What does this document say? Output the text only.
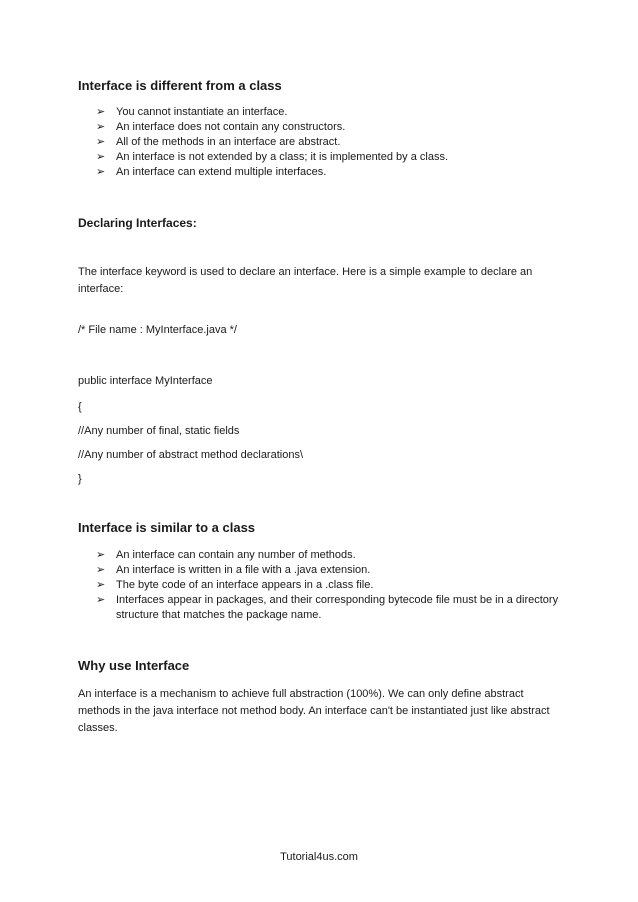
Interface is different from a class
➢ You cannot instantiate an interface.
➢ An interface does not contain any constructors.
➢ All of the methods in an interface are abstract.
➢ An interface is not extended by a class; it is implemented by a class.
➢ An interface can extend multiple interfaces.
Declaring Interfaces:

The interface keyword is used to declare an interface. Here is a simple example to declare an interface:

/* File name : MyInterface.java */

public interface MyInterface

{

//Any number of final, static fields

//Any number of abstract method declarations\

}

Interface is similar to a class
➢ An interface can contain any number of methods.
➢ An interface is written in a file with a .java extension.
➢ The byte code of an interface appears in a .class file.
➢ Interfaces appear in packages, and their corresponding bytecode file must be in a directory structure that matches the package name.
Why use Interface

An interface is a mechanism to achieve full abstraction (100%). We can only define abstract methods in the java interface not method body. An interface can't be instantiated just like abstract classes.

Tutorial4us.com
